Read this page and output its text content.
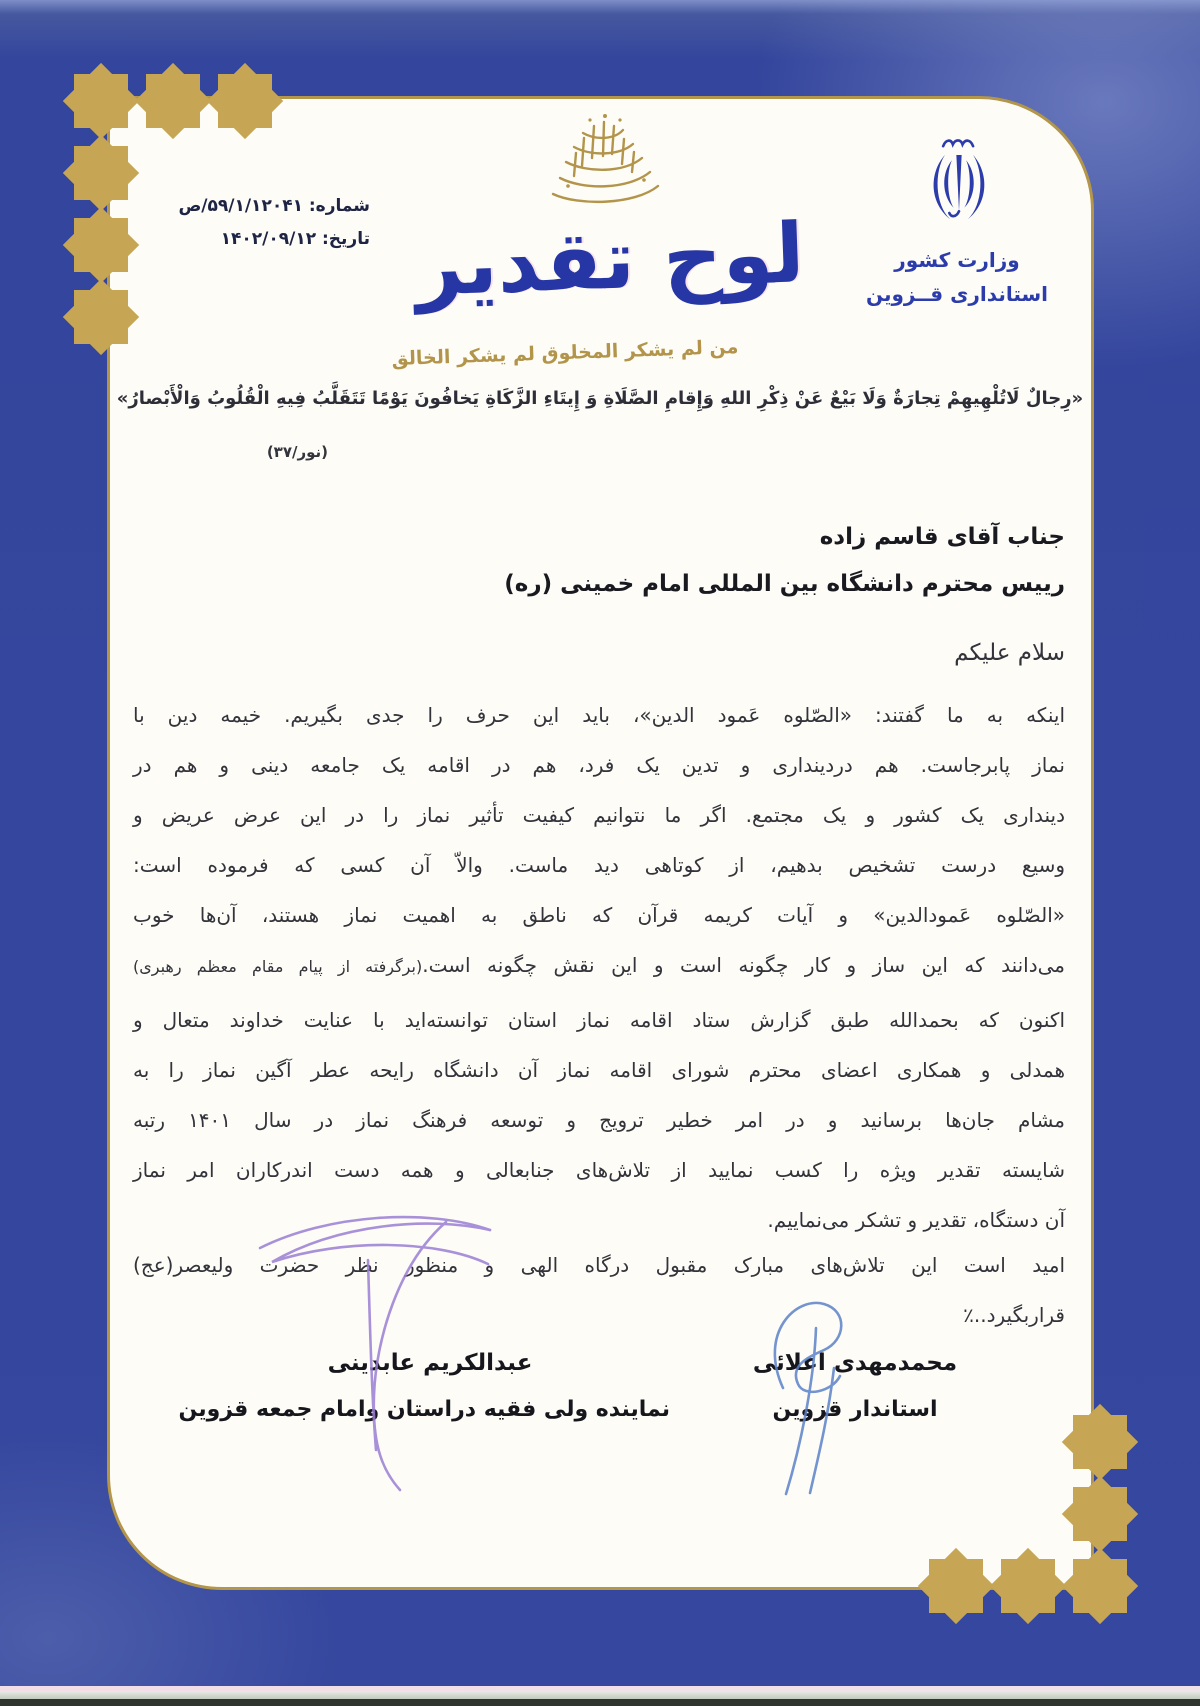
شماره: ۵۹/۱/۱۲۰۴۱/ص
تاریخ: ۱۴۰۲/۰۹/۱۲	لوح تقدیر
من لم یشکر المخلوق لم یشکر الخالق
وزارت کشور
استانداری قــزوین
«رِجالٌ لَاتُلْهِیهِمْ تِجارَةٌ وَلَا بَیْعٌ عَنْ ذِکْرِ اللهِ وَإِقامِ الصَّلَاةِ وَ إِیتَاءِ الزَّکَاةِ یَخافُونَ یَوْمًا تَتَقَلَّبُ فِیهِ الْقُلُوبُ وَالْأَبْصارُ»
(نور/۳۷)
جناب آقای قاسم زاده
رییس محترم دانشگاه بین المللی امام خمینی (ره)
سلام علیکم
اینکه به ما گفتند: «الصّلوه عَمود الدین»، باید این حرف را جدی بگیریم. خیمه دین با
نماز پابرجاست. هم دردینداری و تدین یک فرد، هم در اقامه یک جامعه دینی و هم در
دینداری یک کشور و یک مجتمع. اگر ما نتوانیم کیفیت تأثیر نماز را در این عرض عریض و
وسیع درست تشخیص بدهیم، از کوتاهی دید ماست. والاّ آن کسی که فرموده است:
«الصّلوه عَمودالدین» و آیات کریمه قرآن که ناطق به اهمیت نماز هستند، آن‌ها خوب
می‌دانند که این ساز و کار چگونه است و این نقش چگونه است.(برگرفته از پیام مقام معظم رهبری)
اکنون که بحمدالله طبق گزارش ستاد اقامه نماز استان توانسته‌اید با عنایت خداوند متعال و
همدلی و همکاری اعضای محترم شورای اقامه نماز آن دانشگاه رایحه عطر آگین نماز را به
مشام جان‌ها برسانید و در امر خطیر ترویج و توسعه فرهنگ نماز در سال ۱۴۰۱ رتبه
شایسته تقدیر ویژه را کسب نمایید از تلاش‌های جنابعالی و همه دست اندرکاران امر نماز
آن دستگاه، تقدیر و تشکر می‌نماییم.
امید است این تلاش‌های مبارک مقبول درگاه الهی و منظور نظر حضرت ولیعصر(عج)
قراربگیرد..٪
محمدمهدی اعلائی
استاندار قزوین
عبدالکریم عابدینی
نماینده ولی فقیه دراستان وامام جمعه قزوین
